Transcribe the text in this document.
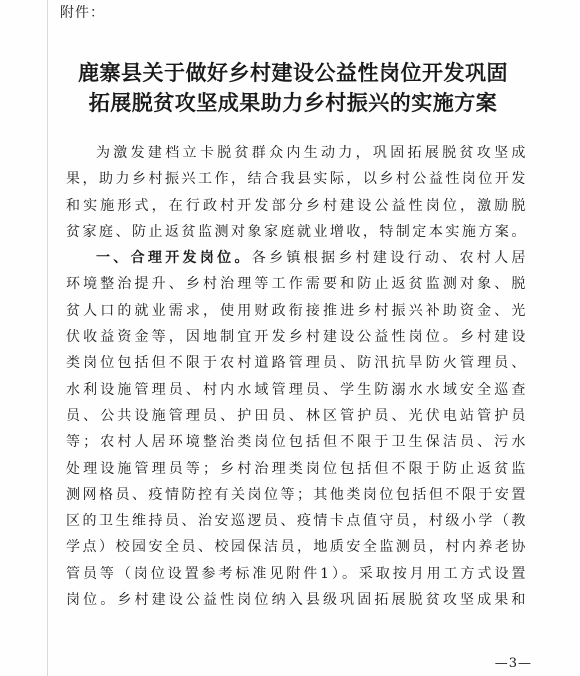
附件：
鹿寨县关于做好乡村建设公益性岗位开发巩固
拓展脱贫攻坚成果助力乡村振兴的实施方案
为激发建档立卡脱贫群众内生动力，巩固拓展脱贫攻坚成
果，助力乡村振兴工作，结合我县实际，以乡村公益性岗位开发
和实施形式，在行政村开发部分乡村建设公益性岗位，激励脱
贫家庭、防止返贫监测对象家庭就业增收，特制定本实施方案。
一、合理开发岗位。各乡镇根据乡村建设行动、农村人居
环境整治提升、乡村治理等工作需要和防止返贫监测对象、脱
贫人口的就业需求，使用财政衔接推进乡村振兴补助资金、光
伏收益资金等，因地制宜开发乡村建设公益性岗位。乡村建设
类岗位包括但不限于农村道路管理员、防汛抗旱防火管理员、
水利设施管理员、村内水域管理员、学生防溺水水域安全巡查
员、公共设施管理员、护田员、林区管护员、光伏电站管护员
等；农村人居环境整治类岗位包括但不限于卫生保洁员、污水
处理设施管理员等；乡村治理类岗位包括但不限于防止返贫监
测网格员、疫情防控有关岗位等；其他类岗位包括但不限于安置
区的卫生维持员、治安巡逻员、疫情卡点值守员，村级小学（教
学点）校园安全员、校园保洁员，地质安全监测员，村内养老协
管员等（岗位设置参考标准见附件1）。采取按月用工方式设置
岗位。乡村建设公益性岗位纳入县级巩固拓展脱贫攻坚成果和
—3—
